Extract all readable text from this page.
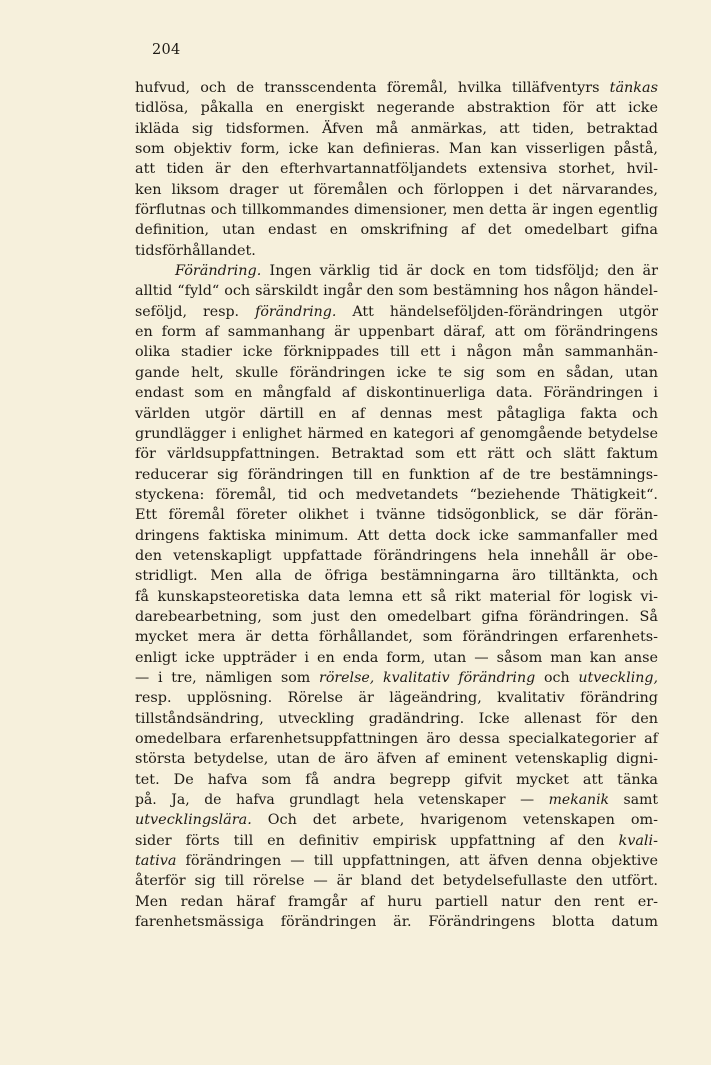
204
hufvud, och de transscendenta föremål, hvilka tilläfventyrs tänkas
tidlösa, påkalla en energiskt negerande abstraktion för att icke
ikläda sig tidsformen. Äfven må anmärkas, att tiden, betraktad
som objektiv form, icke kan definieras. Man kan visserligen påstå,
att tiden är den efterhvartannatföljandets extensiva storhet, hvil-
ken liksom drager ut föremålen och förloppen i det närvarandes,
förflutnas och tillkommandes dimensioner, men detta är ingen egentlig
definition, utan endast en omskrifning af det omedelbart gifna
tidsförhållandet.
Förändring. Ingen värklig tid är dock en tom tidsföljd; den är
alltid “fyld“ och särskildt ingår den som bestämning hos någon händel-
seföljd, resp. förändring. Att händelseföljden-förändringen utgör
en form af sammanhang är uppenbart däraf, att om förändringens
olika stadier icke förknippades till ett i någon mån sammanhän-
gande helt, skulle förändringen icke te sig som en sådan, utan
endast som en mångfald af diskontinuerliga data. Förändringen i
världen utgör därtill en af dennas mest påtagliga fakta och
grundlägger i enlighet härmed en kategori af genomgående betydelse
för världsuppfattningen. Betraktad som ett rätt och slätt faktum
reducerar sig förändringen till en funktion af de tre bestämnings-
styckena: föremål, tid och medvetandets “beziehende Thätigkeit“.
Ett föremål företer olikhet i tvänne tidsögonblick, se där förän-
dringens faktiska minimum. Att detta dock icke sammanfaller med
den vetenskapligt uppfattade förändringens hela innehåll är obe-
stridligt. Men alla de öfriga bestämningarna äro tilltänkta, och
få kunskapsteoretiska data lemna ett så rikt material för logisk vi-
darebearbetning, som just den omedelbart gifna förändringen. Så
mycket mera är detta förhållandet, som förändringen erfarenhets-
enligt icke uppträder i en enda form, utan — såsom man kan anse
— i tre, nämligen som rörelse, kvalitativ förändring och utveckling,
resp. upplösning. Rörelse är lägeändring, kvalitativ förändring
tillståndsändring, utveckling gradändring. Icke allenast för den
omedelbara erfarenhetsuppfattningen äro dessa specialkategorier af
största betydelse, utan de äro äfven af eminent vetenskaplig digni-
tet. De hafva som få andra begrepp gifvit mycket att tänka
på. Ja, de hafva grundlagt hela vetenskaper — mekanik samt
utvecklingslära. Och det arbete, hvarigenom vetenskapen om-
sider förts till en definitiv empirisk uppfattning af den kvali-
tativa förändringen — till uppfattningen, att äfven denna objektive
återför sig till rörelse — är bland det betydelsefullaste den utfört.
Men redan häraf framgår af huru partiell natur den rent er-
farenhetsmässiga förändringen är. Förändringens blotta datum
